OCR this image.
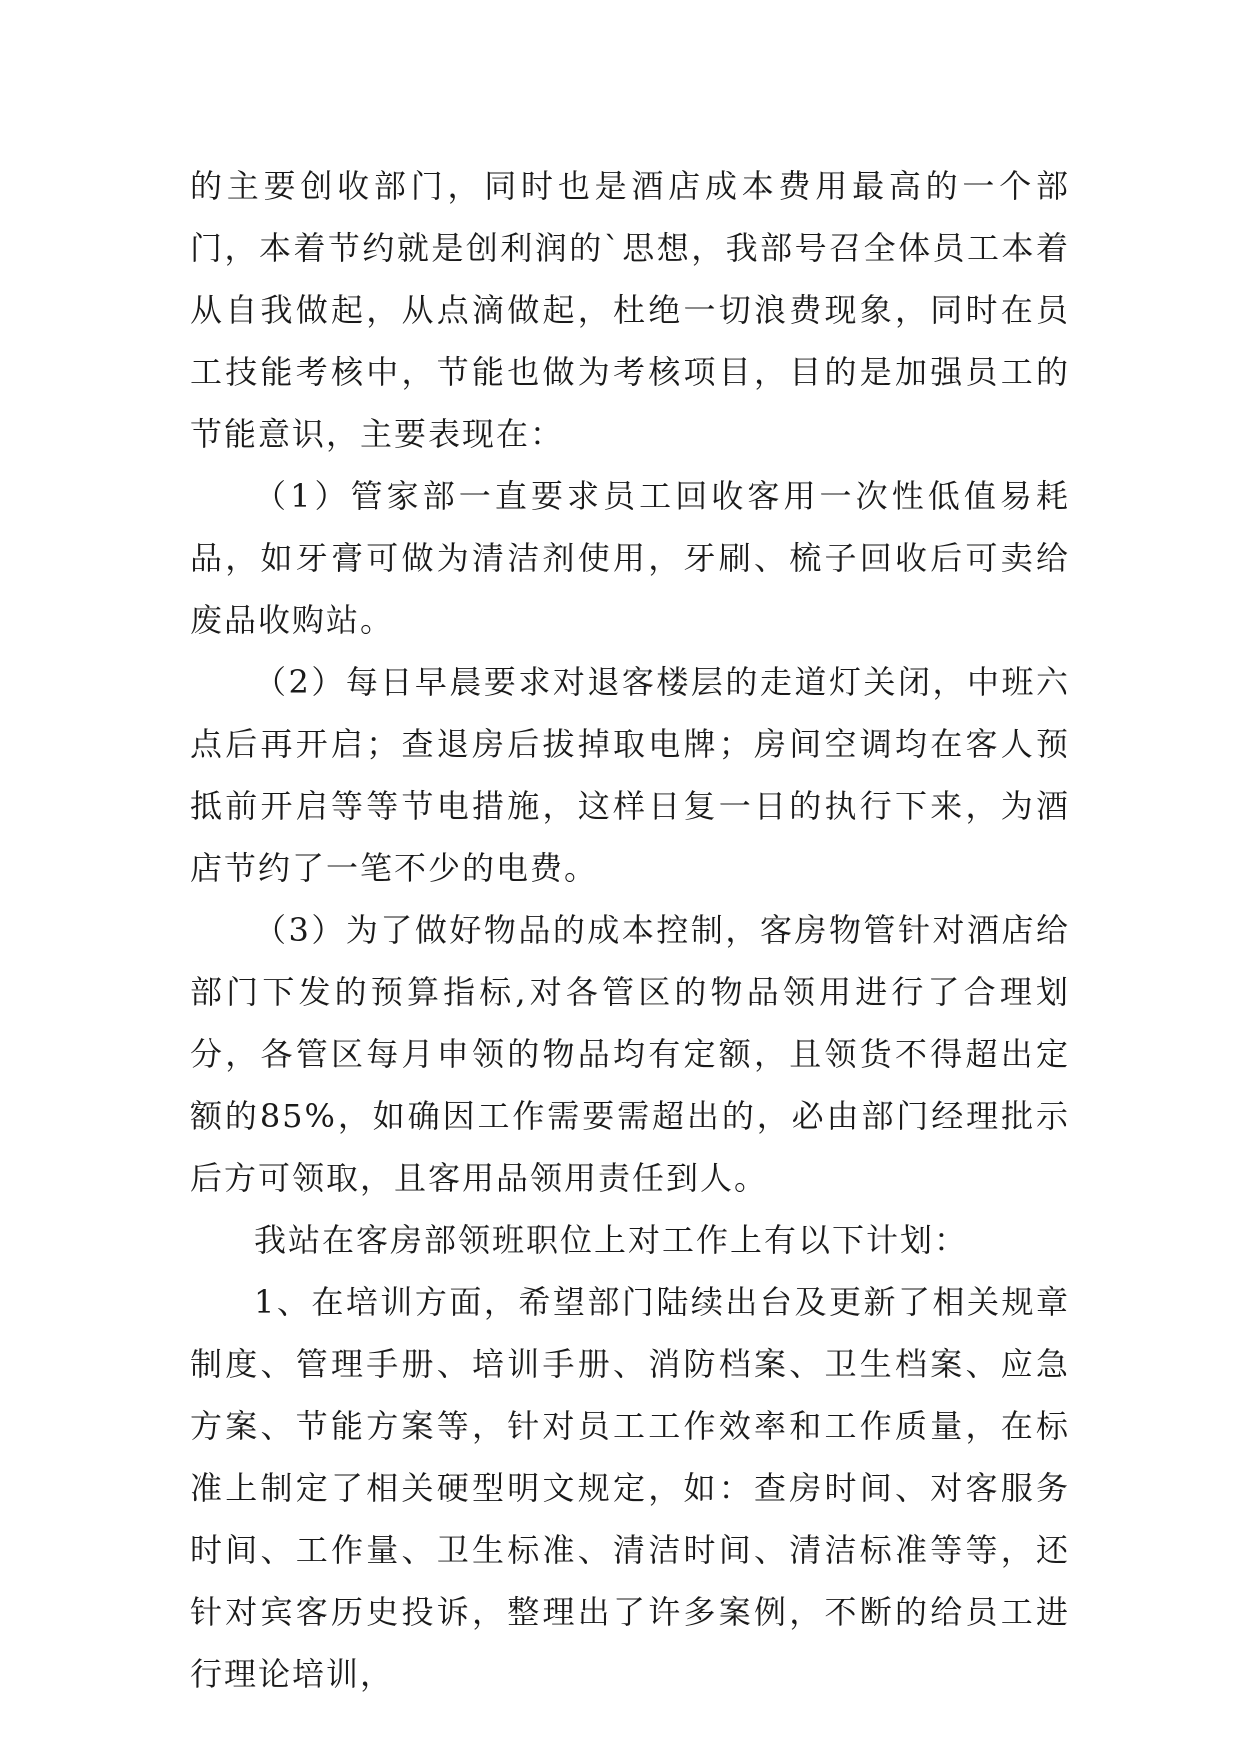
的主要创收部门，同时也是酒店成本费用最高的一个部门，本着节约就是创利润的`思想，我部号召全体员工本着从自我做起，从点滴做起，杜绝一切浪费现象，同时在员工技能考核中，节能也做为考核项目，目的是加强员工的节能意识，主要表现在：

（1）管家部一直要求员工回收客用一次性低值易耗品，如牙膏可做为清洁剂使用，牙刷、梳子回收后可卖给废品收购站。

（2）每日早晨要求对退客楼层的走道灯关闭，中班六点后再开启；查退房后拔掉取电牌；房间空调均在客人预抵前开启等等节电措施，这样日复一日的执行下来，为酒店节约了一笔不少的电费。

（3）为了做好物品的成本控制，客房物管针对酒店给部门下发的预算指标,对各管区的物品领用进行了合理划分，各管区每月申领的物品均有定额，且领货不得超出定额的85%，如确因工作需要需超出的，必由部门经理批示后方可领取，且客用品领用责任到人。

我站在客房部领班职位上对工作上有以下计划：

1、在培训方面，希望部门陆续出台及更新了相关规章制度、管理手册、培训手册、消防档案、卫生档案、应急方案、节能方案等，针对员工工作效率和工作质量，在标准上制定了相关硬型明文规定，如：查房时间、对客服务时间、工作量、卫生标准、清洁时间、清洁标准等等，还针对宾客历史投诉，整理出了许多案例，不断的给员工进行理论培训，
